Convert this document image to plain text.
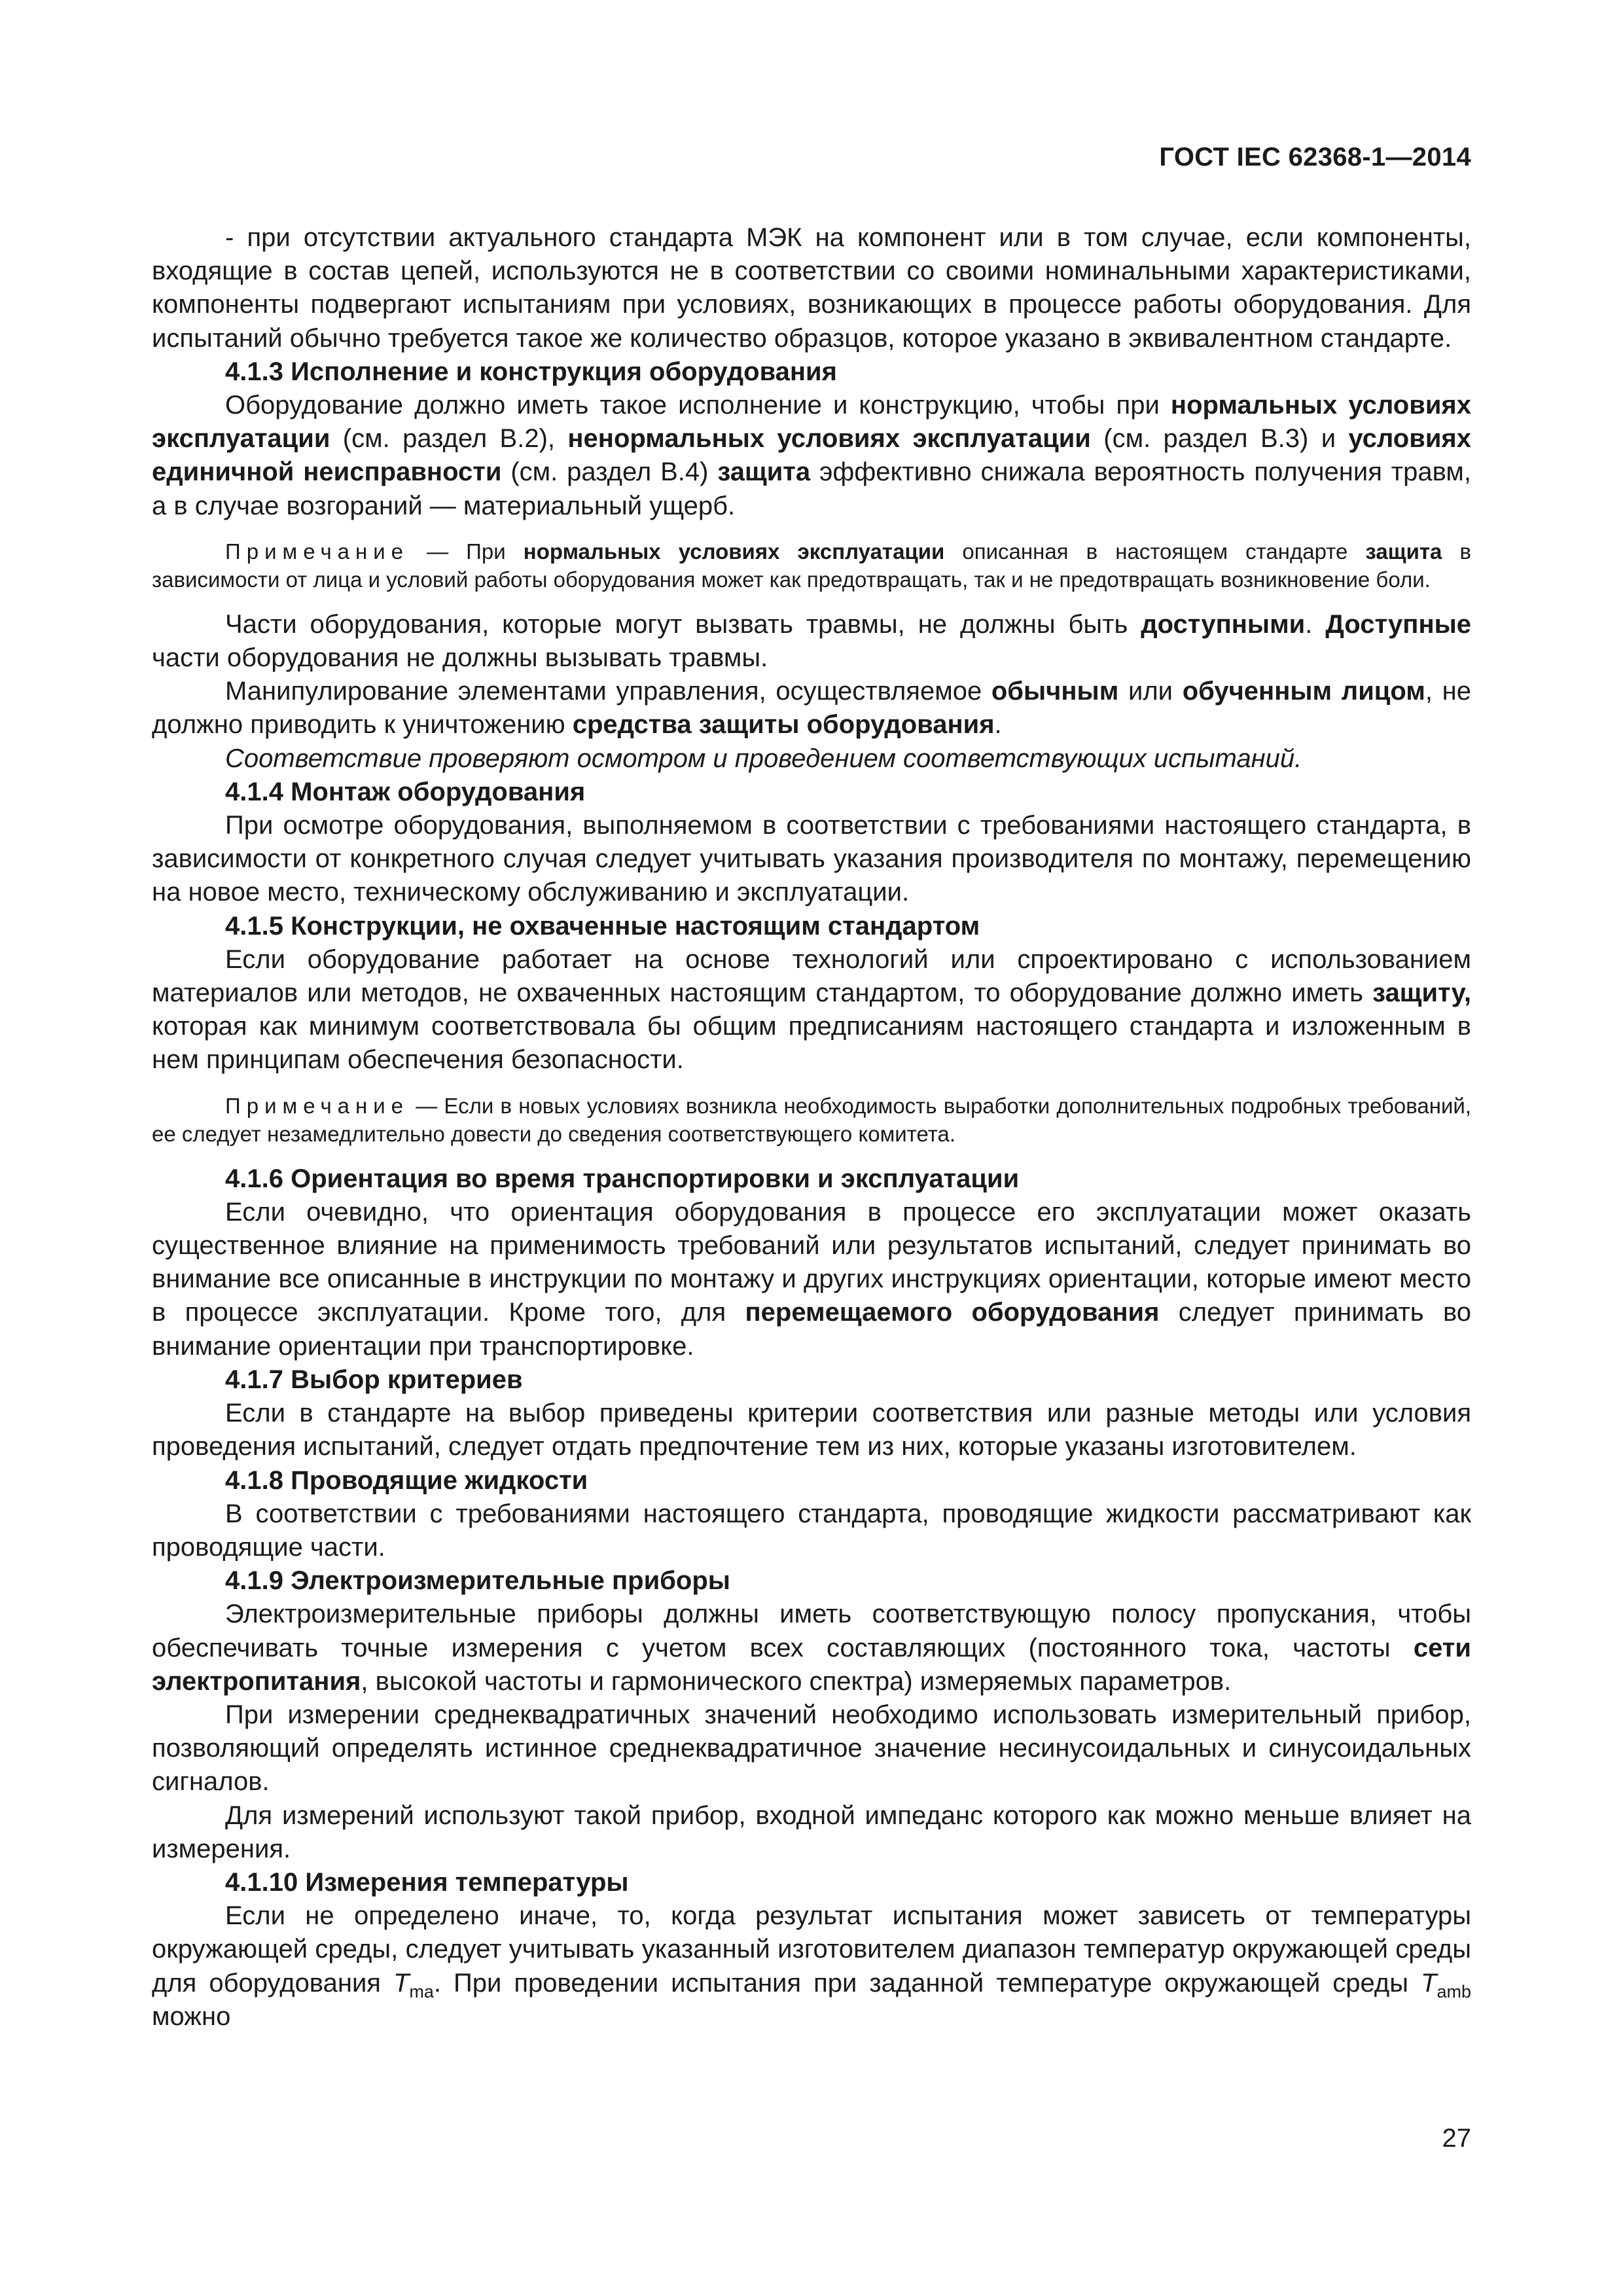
ГОСТ IEC 62368-1—2014

- при отсутствии актуального стандарта МЭК на компонент или в том случае, если компоненты, входящие в состав цепей, используются не в соответствии со своими номинальными характеристиками, компоненты подвергают испытаниям при условиях, возникающих в процессе работы оборудования. Для испытаний обычно требуется такое же количество образцов, которое указано в эквивалентном стандарте.

4.1.3 Исполнение и конструкция оборудования

Оборудование должно иметь такое исполнение и конструкцию, чтобы при нормальных условиях эксплуатации (см. раздел В.2), ненормальных условиях эксплуатации (см. раздел В.3) и условиях единичной неисправности (см. раздел В.4) защита эффективно снижала вероятность получения травм, а в случае возгораний — материальный ущерб.

Примечание — При нормальных условиях эксплуатации описанная в настоящем стандарте защита в зависимости от лица и условий работы оборудования может как предотвращать, так и не предотвращать возникновение боли.

Части оборудования, которые могут вызвать травмы, не должны быть доступными. Доступные части оборудования не должны вызывать травмы.

Манипулирование элементами управления, осуществляемое обычным или обученным лицом, не должно приводить к уничтожению средства защиты оборудования.

Соответствие проверяют осмотром и проведением соответствующих испытаний.

4.1.4 Монтаж оборудования

При осмотре оборудования, выполняемом в соответствии с требованиями настоящего стандарта, в зависимости от конкретного случая следует учитывать указания производителя по монтажу, перемещению на новое место, техническому обслуживанию и эксплуатации.

4.1.5 Конструкции, не охваченные настоящим стандартом

Если оборудование работает на основе технологий или спроектировано с использованием материалов или методов, не охваченных настоящим стандартом, то оборудование должно иметь защиту, которая как минимум соответствовала бы общим предписаниям настоящего стандарта и изложенным в нем принципам обеспечения безопасности.

Примечание — Если в новых условиях возникла необходимость выработки дополнительных подробных требований, ее следует незамедлительно довести до сведения соответствующего комитета.

4.1.6 Ориентация во время транспортировки и эксплуатации

Если очевидно, что ориентация оборудования в процессе его эксплуатации может оказать существенное влияние на применимость требований или результатов испытаний, следует принимать во внимание все описанные в инструкции по монтажу и других инструкциях ориентации, которые имеют место в процессе эксплуатации. Кроме того, для перемещаемого оборудования следует принимать во внимание ориентации при транспортировке.

4.1.7 Выбор критериев

Если в стандарте на выбор приведены критерии соответствия или разные методы или условия проведения испытаний, следует отдать предпочтение тем из них, которые указаны изготовителем.

4.1.8 Проводящие жидкости

В соответствии с требованиями настоящего стандарта, проводящие жидкости рассматривают как проводящие части.

4.1.9 Электроизмерительные приборы

Электроизмерительные приборы должны иметь соответствующую полосу пропускания, чтобы обеспечивать точные измерения с учетом всех составляющих (постоянного тока, частоты сети электропитания, высокой частоты и гармонического спектра) измеряемых параметров.

При измерении среднеквадратичных значений необходимо использовать измерительный прибор, позволяющий определять истинное среднеквадратичное значение несинусоидальных и синусоидальных сигналов.

Для измерений используют такой прибор, входной импеданс которого как можно меньше влияет на измерения.

4.1.10 Измерения температуры

Если не определено иначе, то, когда результат испытания может зависеть от температуры окружающей среды, следует учитывать указанный изготовителем диапазон температур окружающей среды для оборудования $T_{ma}$. При проведении испытания при заданной температуре окружающей среды $T_{amb}$ можно

27
